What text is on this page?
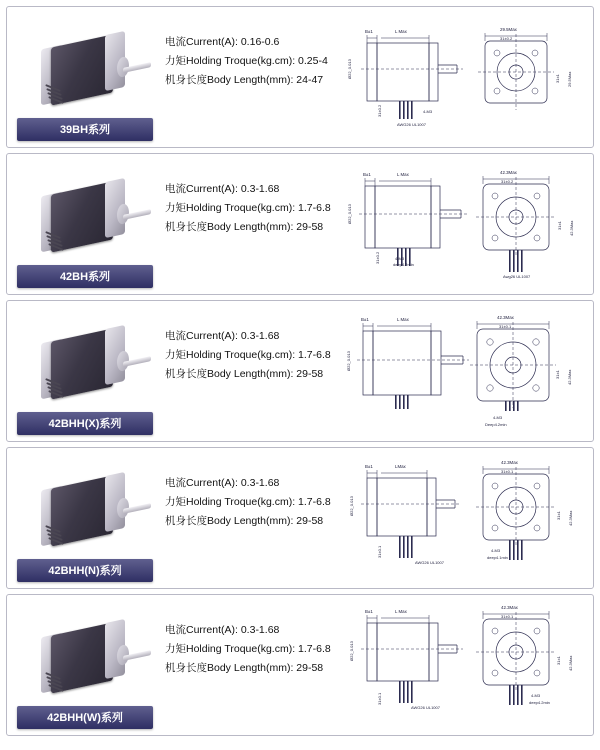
电流Current(A): 0.16-0.6
力矩Holding Troque(kg.cm): 0.25-4
机身长度Body Length(mm): 24-47
39BH系列
B±1	L Max
Ø22_0.013
AWG26 UL1007
4-M3
31±0.2
29.5Max
31±0.2
31±1 29.5Max
电流Current(A): 0.3-1.68
力矩Holding Troque(kg.cm): 1.7-6.8
机身长度Body Length(mm): 29-58
42BH系列
B±1	L Max
Ø22_0.013
4-M3
deep4.2min
31±0.2
42.3Max
31±0.2
31±1 42.3Max
Awg26 UL1007
电流Current(A): 0.3-1.68
力矩Holding Troque(kg.cm): 1.7-6.8
机身长度Body Length(mm): 29-58
42BHH(X)系列
B±1	L Max
Ø22_0.013
42.3Max
31±0.1
31±1 42.3Max
4-M3
Deep4.2min
电流Current(A): 0.3-1.68
力矩Holding Troque(kg.cm): 1.7-6.8
机身长度Body Length(mm): 29-58
42BHH(N)系列
B±1	LMax
Ø22_0.013
31±0.1
AWG26 UL1007
42.3Max
31±0.1
31±1 42.3Max
4-M3
deep4.1min
电流Current(A): 0.3-1.68
力矩Holding Troque(kg.cm): 1.7-6.8
机身长度Body Length(mm): 29-58
42BHH(W)系列
B±1	L Max
Ø22_0.013
31±0.1
AWG26 UL1007
42.3Max
31±0.1
31±1 42.3Max
4-M3
deep4.2min
